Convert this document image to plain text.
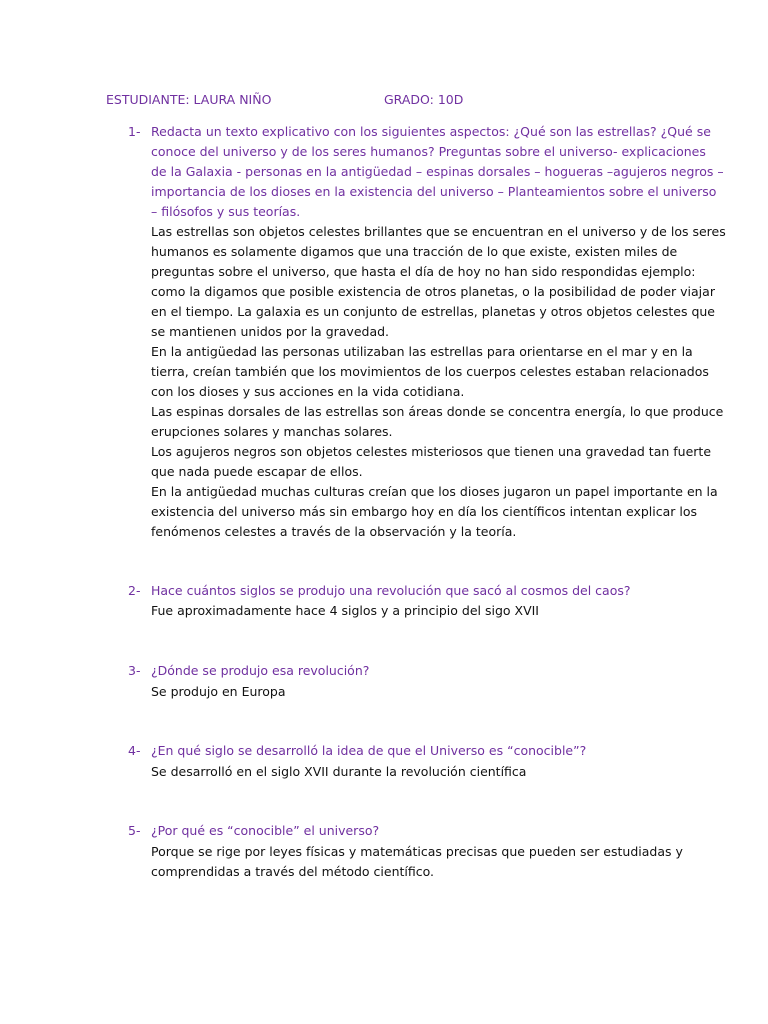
ESTUDIANTE: LAURA NIÑO	GRADO: 10D
1- Redacta un texto explicativo con los siguientes aspectos: ¿Qué son las estrellas? ¿Qué se
conoce del universo y de los seres humanos? Preguntas sobre el universo- explicaciones
de la Galaxia - personas en la antigüedad – espinas dorsales – hogueras –agujeros negros –
importancia de los dioses en la existencia del universo – Planteamientos sobre el universo
– filósofos y sus teorías.
Las estrellas son objetos celestes brillantes que se encuentran en el universo y de los seres
humanos es solamente digamos que una tracción de lo que existe, existen miles de
preguntas sobre el universo, que hasta el día de hoy no han sido respondidas ejemplo:
como la digamos que posible existencia de otros planetas, o la posibilidad de poder viajar
en el tiempo. La galaxia es un conjunto de estrellas, planetas y otros objetos celestes que
se mantienen unidos por la gravedad.
En la antigüedad las personas utilizaban las estrellas para orientarse en el mar y en la
tierra, creían también que los movimientos de los cuerpos celestes estaban relacionados
con los dioses y sus acciones en la vida cotidiana.
Las espinas dorsales de las estrellas son áreas donde se concentra energía, lo que produce
erupciones solares y manchas solares.
Los agujeros negros son objetos celestes misteriosos que tienen una gravedad tan fuerte
que nada puede escapar de ellos.
En la antigüedad muchas culturas creían que los dioses jugaron un papel importante en la
existencia del universo más sin embargo hoy en día los científicos intentan explicar los
fenómenos celestes a través de la observación y la teoría.
2- Hace cuántos siglos se produjo una revolución que sacó al cosmos del caos?
Fue aproximadamente hace 4 siglos y a principio del sigo XVII
3- ¿Dónde se produjo esa revolución?
Se produjo en Europa
4- ¿En qué siglo se desarrolló la idea de que el Universo es “conocible”?
Se desarrolló en el siglo XVII durante la revolución científica
5- ¿Por qué es “conocible” el universo?
Porque se rige por leyes físicas y matemáticas precisas que pueden ser estudiadas y
comprendidas a través del método científico.
